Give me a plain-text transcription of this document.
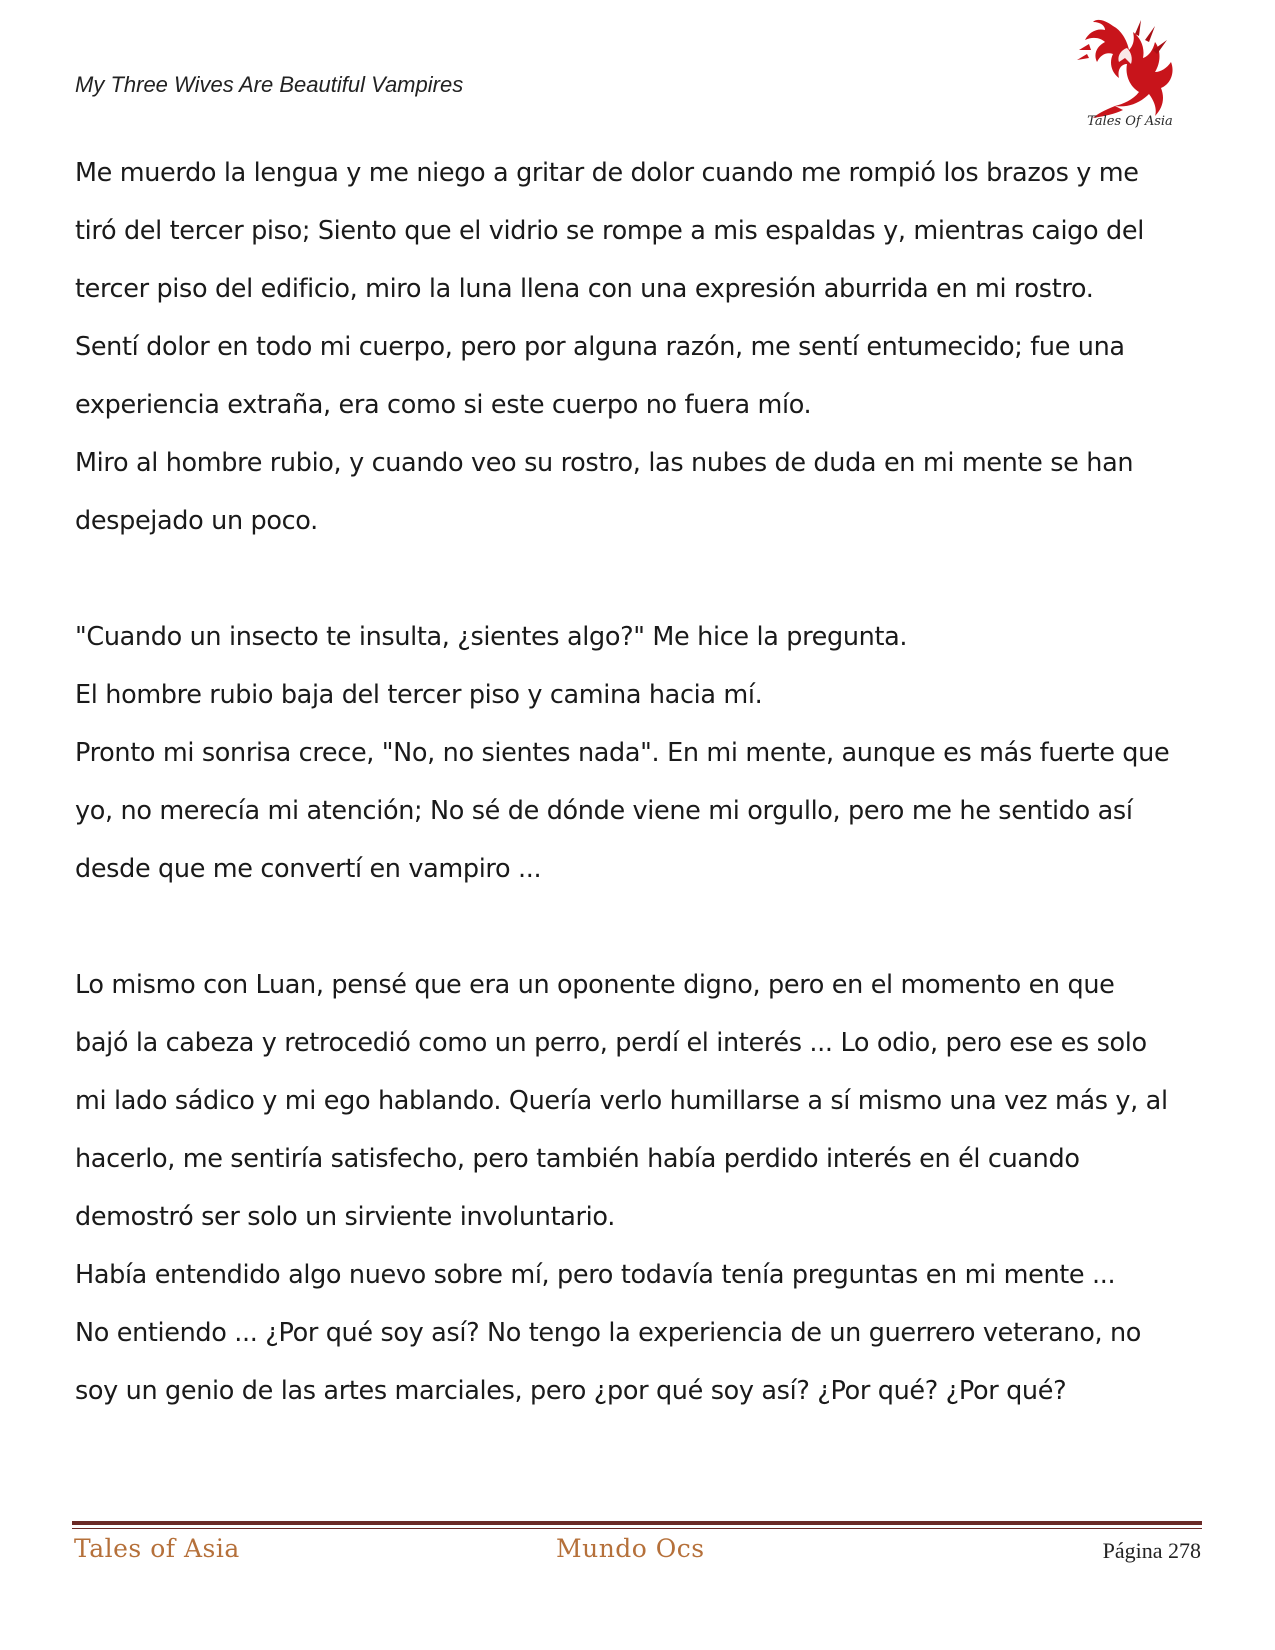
My Three Wives Are Beautiful Vampires
Tales Of Asia

Me muerdo la lengua y me niego a gritar de dolor cuando me rompió los brazos y me

tiró del tercer piso; Siento que el vidrio se rompe a mis espaldas y, mientras caigo del

tercer piso del edificio, miro la luna llena con una expresión aburrida en mi rostro.

Sentí dolor en todo mi cuerpo, pero por alguna razón, me sentí entumecido; fue una

experiencia extraña, era como si este cuerpo no fuera mío.

Miro al hombre rubio, y cuando veo su rostro, las nubes de duda en mi mente se han

despejado un poco.

"Cuando un insecto te insulta, ¿sientes algo?" Me hice la pregunta.

El hombre rubio baja del tercer piso y camina hacia mí.

Pronto mi sonrisa crece, "No, no sientes nada". En mi mente, aunque es más fuerte que

yo, no merecía mi atención; No sé de dónde viene mi orgullo, pero me he sentido así

desde que me convertí en vampiro ...

Lo mismo con Luan, pensé que era un oponente digno, pero en el momento en que

bajó la cabeza y retrocedió como un perro, perdí el interés ... Lo odio, pero ese es solo

mi lado sádico y mi ego hablando. Quería verlo humillarse a sí mismo una vez más y, al

hacerlo, me sentiría satisfecho, pero también había perdido interés en él cuando

demostró ser solo un sirviente involuntario.

Había entendido algo nuevo sobre mí, pero todavía tenía preguntas en mi mente ...

No entiendo ... ¿Por qué soy así? No tengo la experiencia de un guerrero veterano, no

soy un genio de las artes marciales, pero ¿por qué soy así? ¿Por qué? ¿Por qué?

Tales of Asia	Mundo Ocs	Página 278
